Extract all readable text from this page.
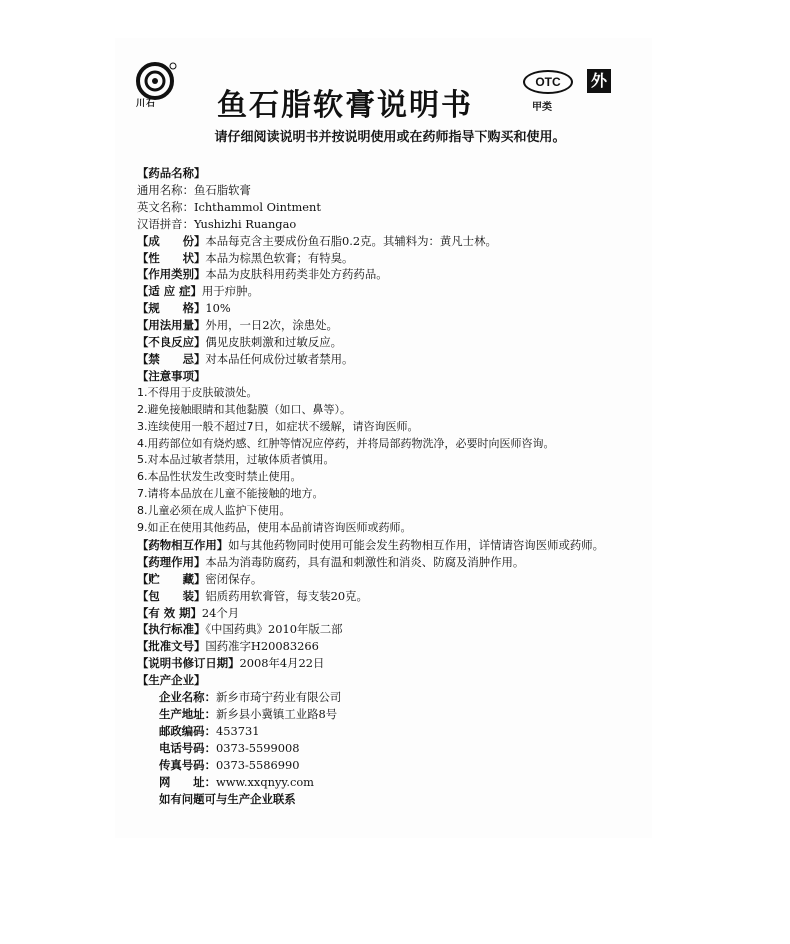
川石	鱼石脂软膏说明书
OTC
甲类
外
请仔细阅读说明书并按说明使用或在药师指导下购买和使用。
【药品名称】
通用名称：鱼石脂软膏
英文名称：Ichthammol Ointment
汉语拼音：Yushizhi Ruangao
【成　　份】本品每克含主要成份鱼石脂0.2克。其辅料为：黄凡士林。
【性　　状】本品为棕黑色软膏；有特臭。
【作用类别】本品为皮肤科用药类非处方药药品。
【适 应 症】用于疖肿。
【规　　格】10%
【用法用量】外用，一日2次，涂患处。
【不良反应】偶见皮肤刺激和过敏反应。
【禁　　忌】对本品任何成份过敏者禁用。
【注意事项】
1.不得用于皮肤破溃处。
2.避免接触眼睛和其他黏膜（如口、鼻等）。
3.连续使用一般不超过7日，如症状不缓解，请咨询医师。
4.用药部位如有烧灼感、红肿等情况应停药，并将局部药物洗净，必要时向医师咨询。
5.对本品过敏者禁用，过敏体质者慎用。
6.本品性状发生改变时禁止使用。
7.请将本品放在儿童不能接触的地方。
8.儿童必须在成人监护下使用。
9.如正在使用其他药品，使用本品前请咨询医师或药师。
【药物相互作用】如与其他药物同时使用可能会发生药物相互作用，详情请咨询医师或药师。
【药理作用】本品为消毒防腐药，具有温和刺激性和消炎、防腐及消肿作用。
【贮　　藏】密闭保存。
【包　　装】铝质药用软膏管，每支装20克。
【有 效 期】24个月
【执行标准】《中国药典》2010年版二部
【批准文号】国药准字H20083266
【说明书修订日期】2008年4月22日
【生产企业】
企业名称：新乡市琦宁药业有限公司
生产地址：新乡县小冀镇工业路8号
邮政编码：453731
电话号码：0373-5599008
传真号码：0373-5586990
网　　址：www.xxqnyy.com
如有问题可与生产企业联系
